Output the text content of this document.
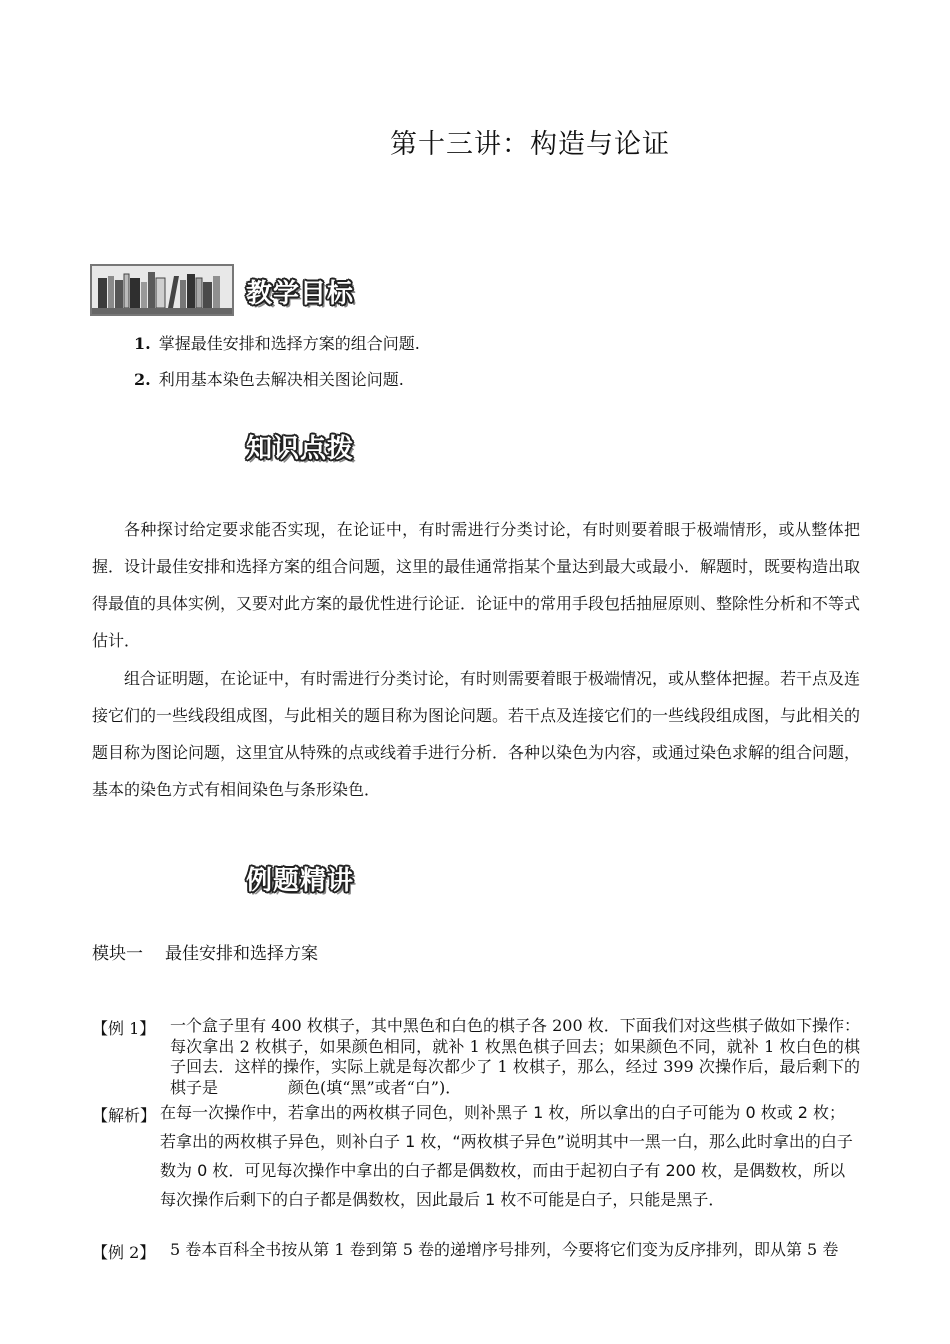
第十三讲：构造与论证
教学目标
1. 掌握最佳安排和选择方案的组合问题.
2. 利用基本染色去解决相关图论问题.
知识点拨
各种探讨给定要求能否实现，在论证中，有时需进行分类讨论，有时则要着眼于极端情形，或从整体把握．设计最佳安排和选择方案的组合问题，这里的最佳通常指某个量达到最大或最小．解题时，既要构造出取得最值的具体实例，又要对此方案的最优性进行论证．论证中的常用手段包括抽屉原则、整除性分析和不等式估计．
组合证明题，在论证中，有时需进行分类讨论，有时则需要着眼于极端情况，或从整体把握。若干点及连接它们的一些线段组成图，与此相关的题目称为图论问题。若干点及连接它们的一些线段组成图，与此相关的题目称为图论问题，这里宜从特殊的点或线着手进行分析．各种以染色为内容，或通过染色求解的组合问题，基本的染色方式有相间染色与条形染色．
例题精讲
模块一 最佳安排和选择方案
【例 1】 一个盒子里有 400 枚棋子，其中黑色和白色的棋子各 200 枚．下面我们对这些棋子做如下操作：每次拿出 2 枚棋子，如果颜色相同，就补 1 枚黑色棋子回去；如果颜色不同，就补 1 枚白色的棋子回去．这样的操作，实际上就是每次都少了 1 枚棋子，那么，经过 399 次操作后，最后剩下的棋子是	颜色(填“黑”或者“白”)．
【解析】 在每一次操作中，若拿出的两枚棋子同色，则补黑子 1 枚，所以拿出的白子可能为 0 枚或 2 枚；若拿出的两枚棋子异色，则补白子 1 枚，“两枚棋子异色”说明其中一黑一白，那么此时拿出的白子数为 0 枚．可见每次操作中拿出的白子都是偶数枚，而由于起初白子有 200 枚，是偶数枚，所以每次操作后剩下的白子都是偶数枚，因此最后 1 枚不可能是白子，只能是黑子．
【例 2】 5 卷本百科全书按从第 1 卷到第 5 卷的递增序号排列，今要将它们变为反序排列，即从第 5 卷
